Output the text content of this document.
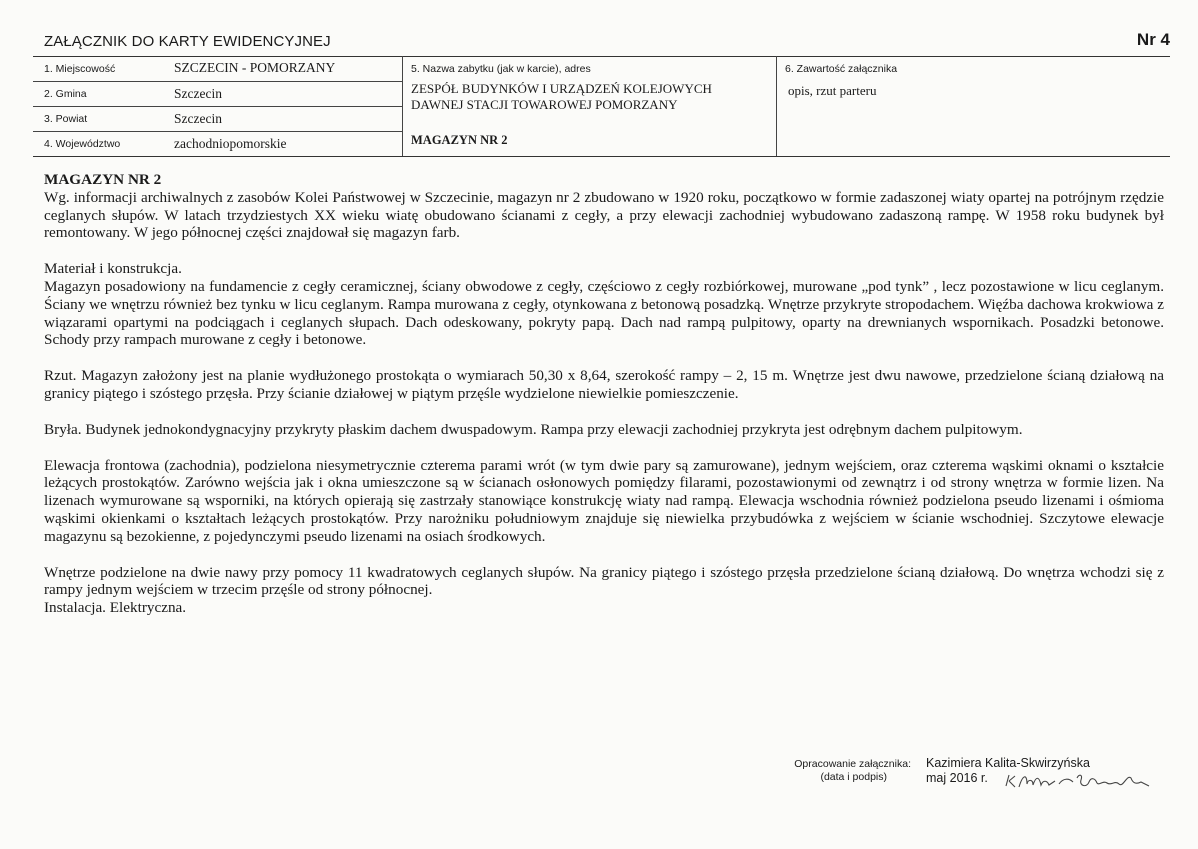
ZAŁĄCZNIK DO KARTY EWIDENCYJNEJ	Nr 4
1. Miejscowość	SZCZECIN - POMORZANY
2. Gmina	Szczecin
3. Powiat	Szczecin
4. Województwo	zachodniopomorskie
5. Nazwa zabytku (jak w karcie), adres
ZESPÓŁ BUDYNKÓW I URZĄDZEŃ KOLEJOWYCH
DAWNEJ STACJI TOWAROWEJ POMORZANY
MAGAZYN NR 2
6. Zawartość załącznika
opis, rzut parteru

MAGAZYN NR 2

Wg. informacji archiwalnych z zasobów Kolei Państwowej w Szczecinie, magazyn nr 2 zbudowano w 1920 roku, początkowo w formie zadaszonej wiaty opartej na potrójnym rzędzie ceglanych słupów. W latach trzydziestych XX wieku wiatę obudowano ścianami z cegły, a przy elewacji zachodniej wybudowano zadaszoną rampę. W 1958 roku budynek był remontowany. W jego północnej części znajdował się magazyn farb.

Materiał i konstrukcja.

Magazyn posadowiony na fundamencie z cegły ceramicznej, ściany obwodowe z cegły, częściowo z cegły rozbiórkowej, murowane „pod tynk” , lecz pozostawione w licu ceglanym. Ściany we wnętrzu również bez tynku w licu ceglanym. Rampa murowana z cegły, otynkowana z betonową posadzką. Wnętrze przykryte stropodachem. Więźba dachowa krokwiowa z wiązarami opartymi na podciągach i ceglanych słupach. Dach odeskowany, pokryty papą. Dach nad rampą pulpitowy, oparty na drewnianych wspornikach. Posadzki betonowe. Schody przy rampach murowane z cegły i betonowe.

Rzut. Magazyn założony jest na planie wydłużonego prostokąta o wymiarach 50,30 x 8,64, szerokość rampy – 2, 15 m. Wnętrze jest dwu nawowe, przedzielone ścianą działową na granicy piątego i szóstego przęsła. Przy ścianie działowej w piątym przęśle wydzielone niewielkie pomieszczenie.

Bryła. Budynek jednokondygnacyjny przykryty płaskim dachem dwuspadowym. Rampa przy elewacji zachodniej przykryta jest odrębnym dachem pulpitowym.

Elewacja frontowa (zachodnia), podzielona niesymetrycznie czterema parami wrót (w tym dwie pary są zamurowane), jednym wejściem, oraz czterema wąskimi oknami o kształcie leżących prostokątów. Zarówno wejścia jak i okna umieszczone są w ścianach osłonowych pomiędzy filarami, pozostawionymi od zewnątrz i od strony wnętrza w formie lizen. Na lizenach wymurowane są wsporniki, na których opierają się zastrzały stanowiące konstrukcję wiaty nad rampą. Elewacja wschodnia również podzielona pseudo lizenami i ośmioma wąskimi okienkami o kształtach leżących prostokątów. Przy narożniku południowym znajduje się niewielka przybudówka z wejściem w ścianie wschodniej. Szczytowe elewacje magazynu są bezokienne, z pojedynczymi pseudo lizenami na osiach środkowych.

Wnętrze podzielone na dwie nawy przy pomocy 11 kwadratowych ceglanych słupów. Na granicy piątego i szóstego przęsła przedzielone ścianą działową. Do wnętrza wchodzi się z rampy jednym wejściem w trzecim przęśle od strony północnej.

Instalacja. Elektryczna.

Opracowanie załącznika:
(data i podpis)
Kazimiera Kalita-Skwirzyńska
maj 2016 r.
